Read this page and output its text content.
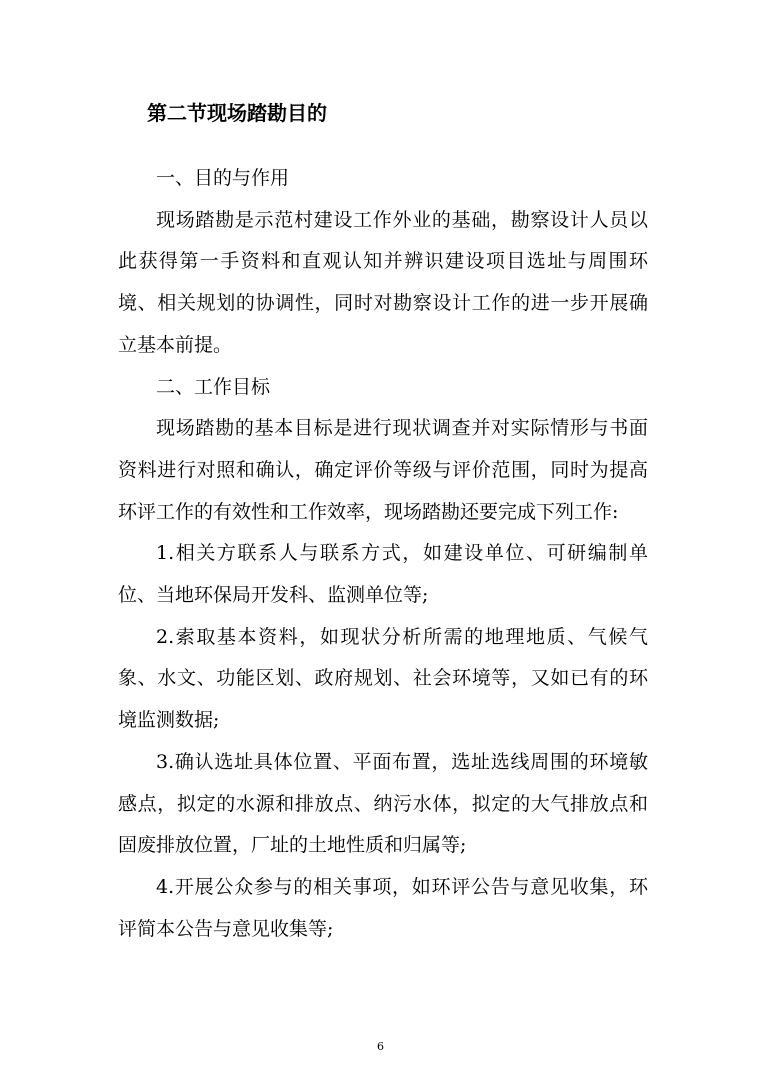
第二节现场踏勘目的

一、目的与作用

现场踏勘是示范村建设工作外业的基础，勘察设计人员以此获得第一手资料和直观认知并辨识建设项目选址与周围环境、相关规划的协调性，同时对勘察设计工作的进一步开展确立基本前提。

二、工作目标

现场踏勘的基本目标是进行现状调查并对实际情形与书面资料进行对照和确认，确定评价等级与评价范围，同时为提高环评工作的有效性和工作效率，现场踏勘还要完成下列工作:

1.相关方联系人与联系方式，如建设单位、可研编制单位、当地环保局开发科、监测单位等;

2.索取基本资料，如现状分析所需的地理地质、气候气象、水文、功能区划、政府规划、社会环境等，又如已有的环境监测数据;

3.确认选址具体位置、平面布置，选址选线周围的环境敏感点，拟定的水源和排放点、纳污水体，拟定的大气排放点和固废排放位置，厂址的土地性质和归属等;

4.开展公众参与的相关事项，如环评公告与意见收集，环评简本公告与意见收集等;

6
